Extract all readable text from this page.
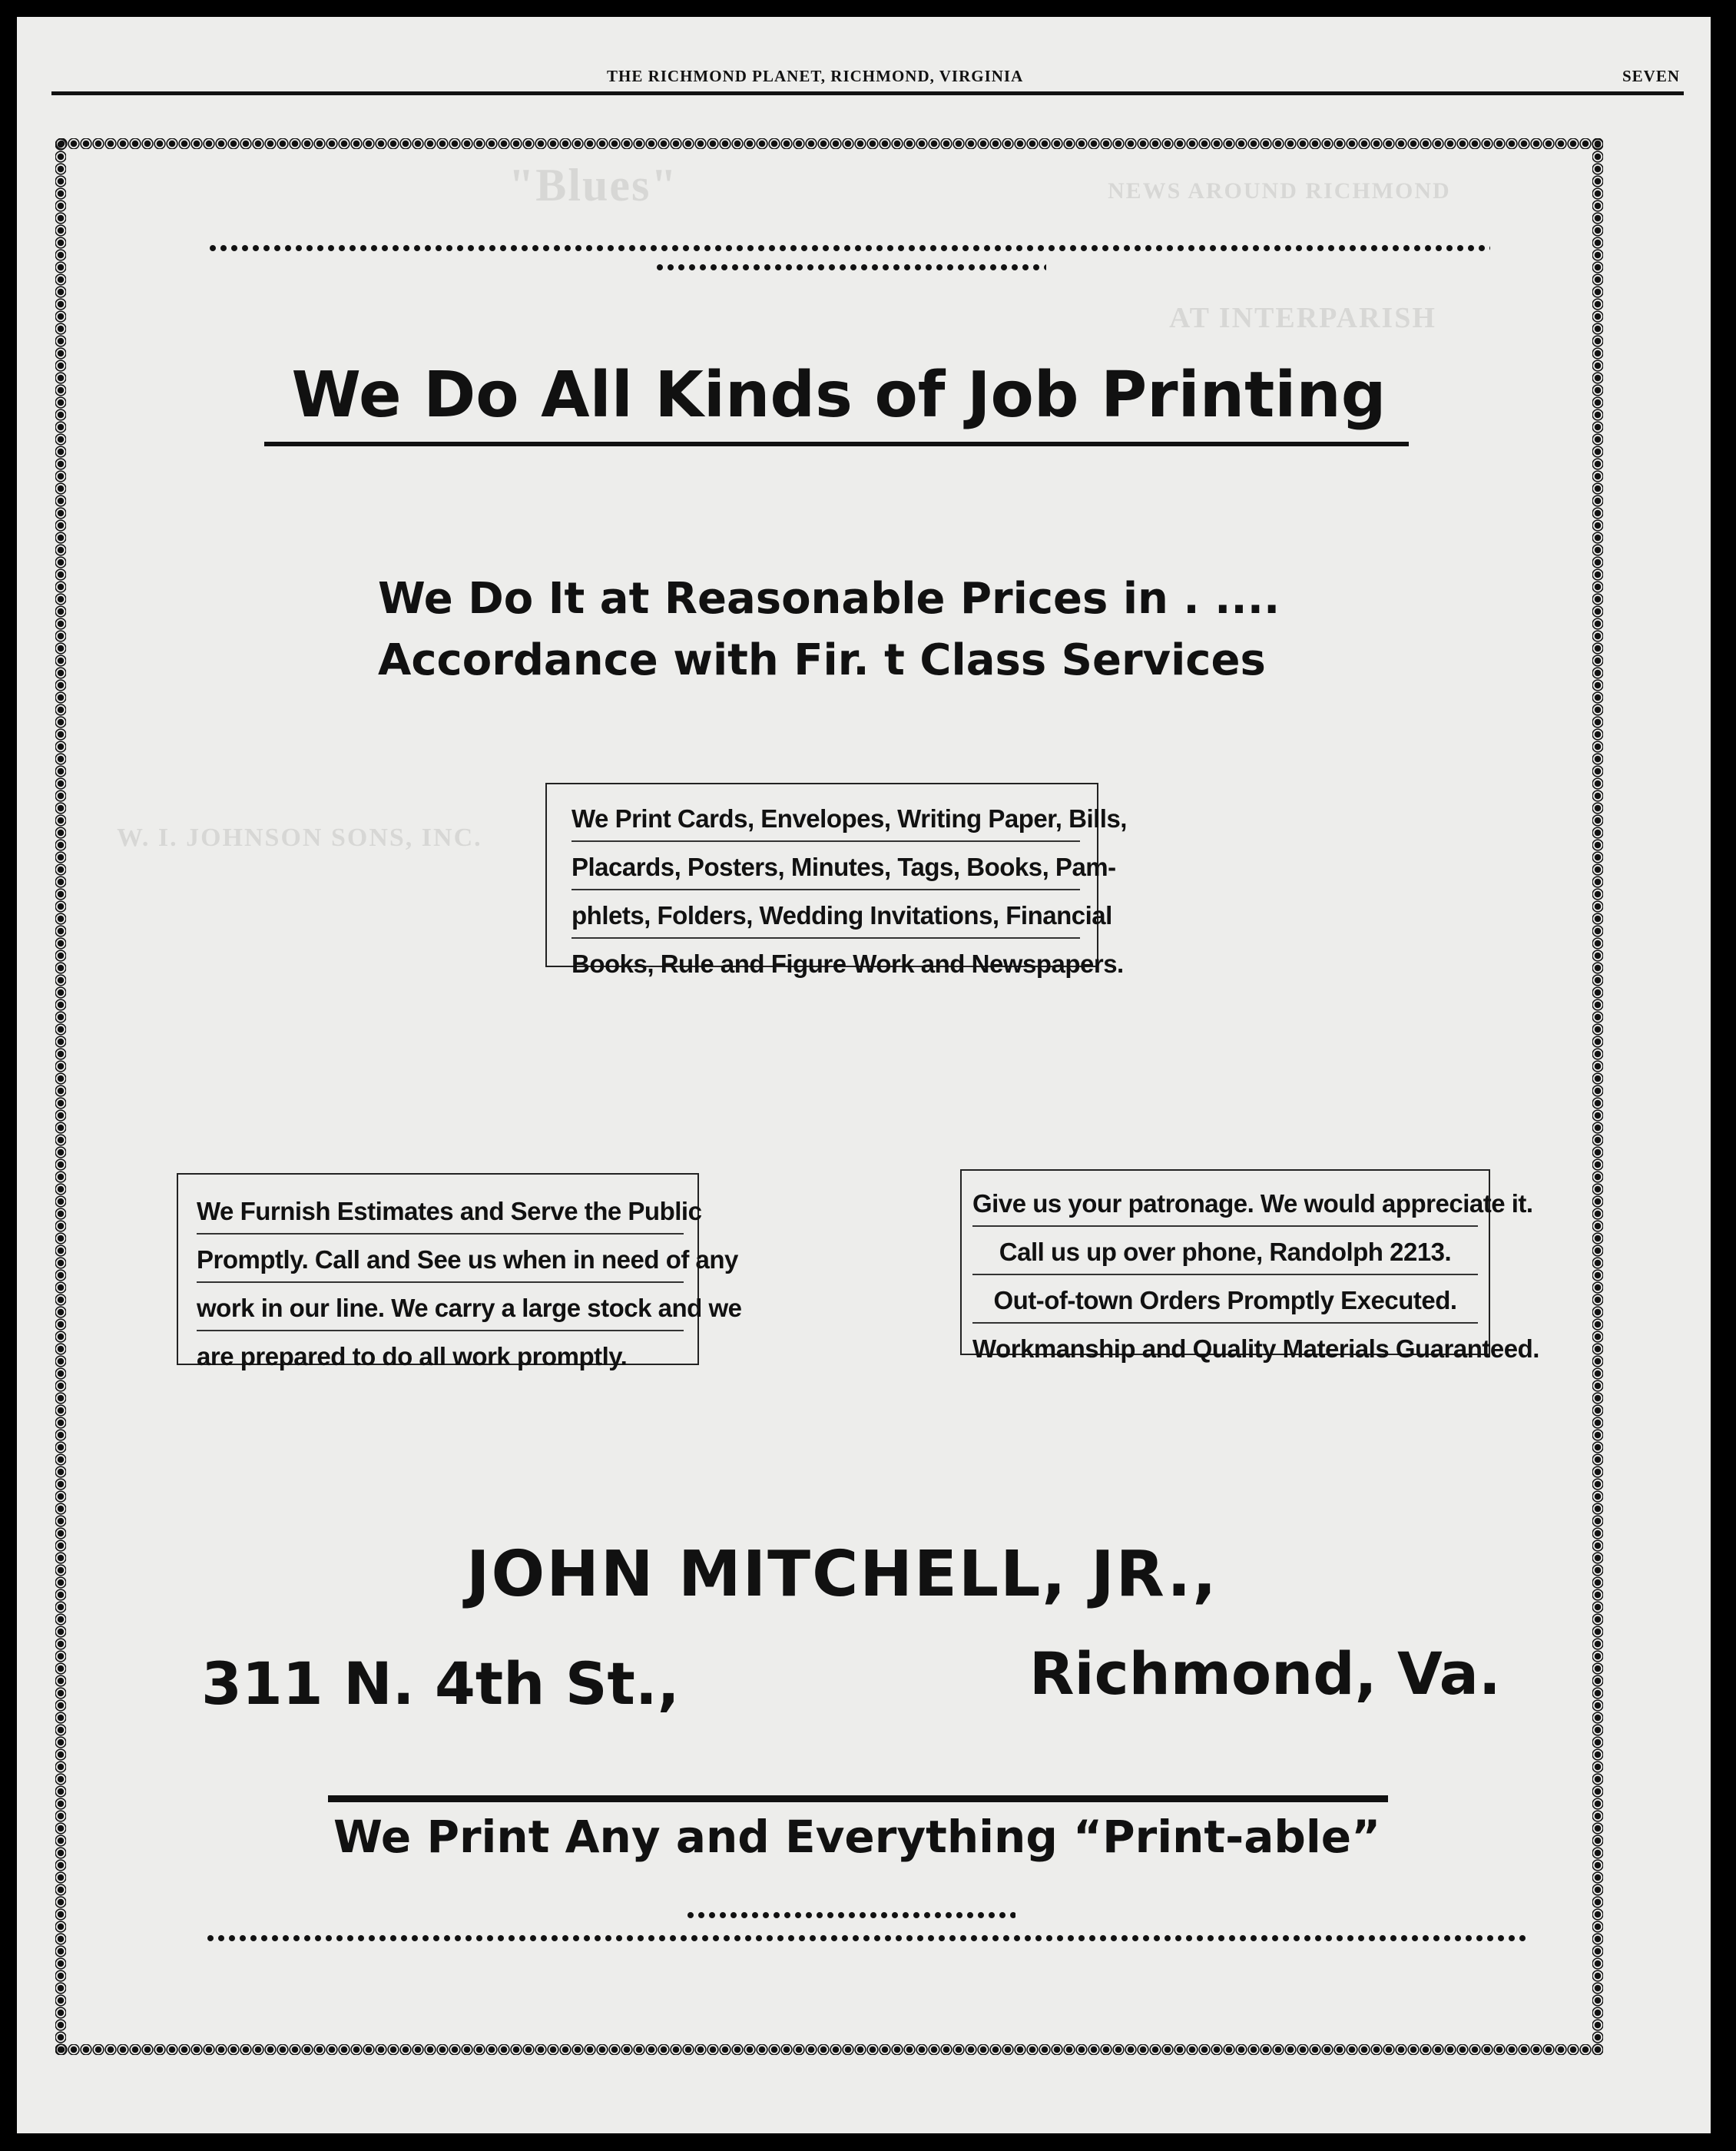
NEWS AROUND RICHMOND
"Blues"
AT INTERPARISH
W. I. JOHNSON SONS, INC.
THE RICHMOND PLANET, RICHMOND, VIRGINIA	SEVEN
We Do All Kinds of Job Printing
We Do It at Reasonable Prices in . ....
Accordance with Fir. t Class Services
We Print Cards, Envelopes, Writing Paper, Bills,
Placards, Posters, Minutes, Tags, Books, Pam-
phlets, Folders, Wedding Invitations, Financial
Books, Rule and Figure Work and Newspapers.
We Furnish Estimates and Serve the Public
Promptly. Call and See us when in need of any
work in our line. We carry a large stock and we
are prepared to do all work promptly.
Give us your patronage. We would appreciate it.
Call us up over phone, Randolph 2213.
Out-of-town Orders Promptly Executed.
Workmanship and Quality Materials Guaranteed.
JOHN MITCHELL, JR.,
311 N. 4th St.,	Richmond, Va.
We Print Any and Everything “Print-able”
